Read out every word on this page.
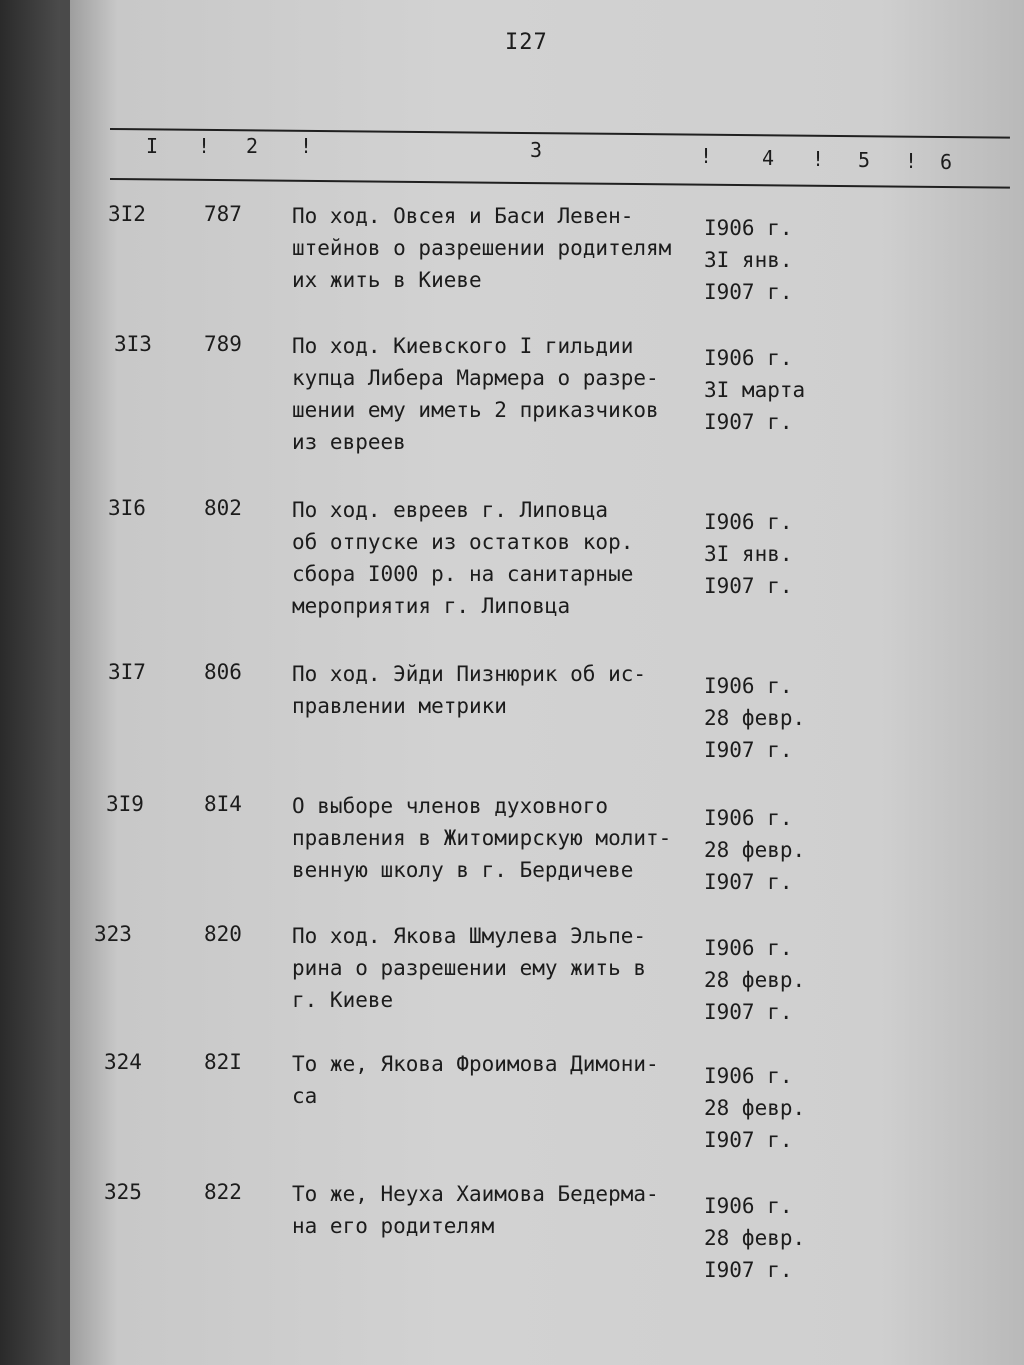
I27
I ! 2 !	3	! 4 ! 5 ! 6
3I2	787 По ход. Овсея и Баси Левен-
штейнов о разрешении родителям
их жить в Киеве
I906 г.
3I янв.
I907 г.
3I3 789 По ход. Киевского I гильдии
купца Либера Мармера о разре-
шении ему иметь 2 приказчиков
из евреев
I906 г.
3I марта
I907 г.
3I6	802 По ход. евреев г. Липовца
об отпуске из остатков кор.
сбора I000 р. на санитарные
мероприятия г. Липовца
I906 г.
3I янв.
I907 г.
3I7	806 По ход. Эйди Пизнюрик об ис-
правлении метрики
I906 г.
28 февр.
I907 г.
3I9	8I4 О выборе членов духовного
правления в Житомирскую молит-
венную школу в г. Бердичеве
I906 г.
28 февр.
I907 г.
323	820 По ход. Якова Шмулева Эльпе-
рина о разрешении ему жить в
г. Киеве
I906 г.
28 февр.
I907 г.
324	82I То же, Якова Фроимова Димони-
са
I906 г.
28 февр.
I907 г.
325	822 То же, Неуха Хаимова Бедерма-
на его родителям
I906 г.
28 февр.
I907 г.
